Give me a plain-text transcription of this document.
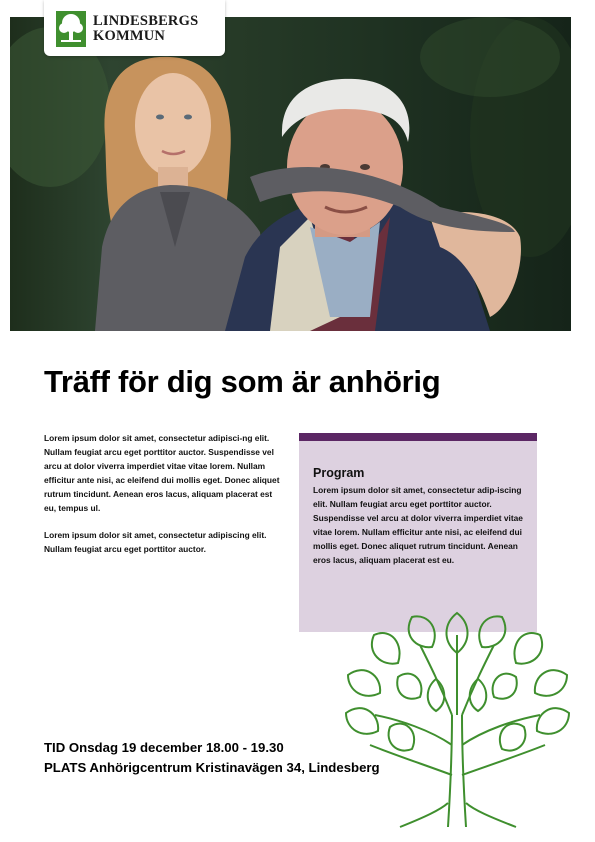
LINDESBERGS
KOMMUN
Träff för dig som är anhörig

Lorem ipsum dolor sit amet, consectetur adipisci-ng elit. Nullam feugiat arcu eget porttitor auctor. Suspendisse vel arcu at dolor viverra imperdiet vitae vitae lorem. Nullam efficitur ante nisi, ac eleifend dui mollis eget. Donec aliquet rutrum tincidunt. Aenean eros lacus, aliquam placerat est eu, tempus ul.

Lorem ipsum dolor sit amet, consectetur adipiscing elit. Nullam feugiat arcu eget porttitor auctor.

Program

Lorem ipsum dolor sit amet, consectetur adip-iscing elit. Nullam feugiat arcu eget porttitor auctor. Suspendisse vel arcu at dolor viverra imperdiet vitae vitae lorem. Nullam efficitur ante nisi, ac eleifend dui mollis eget. Donec aliquet rutrum tincidunt. Aenean eros lacus, aliquam placerat est eu.

TID Onsdag 19 december 18.00 - 19.30
PLATS Anhörigcentrum Kristinavägen 34, Lindesberg
